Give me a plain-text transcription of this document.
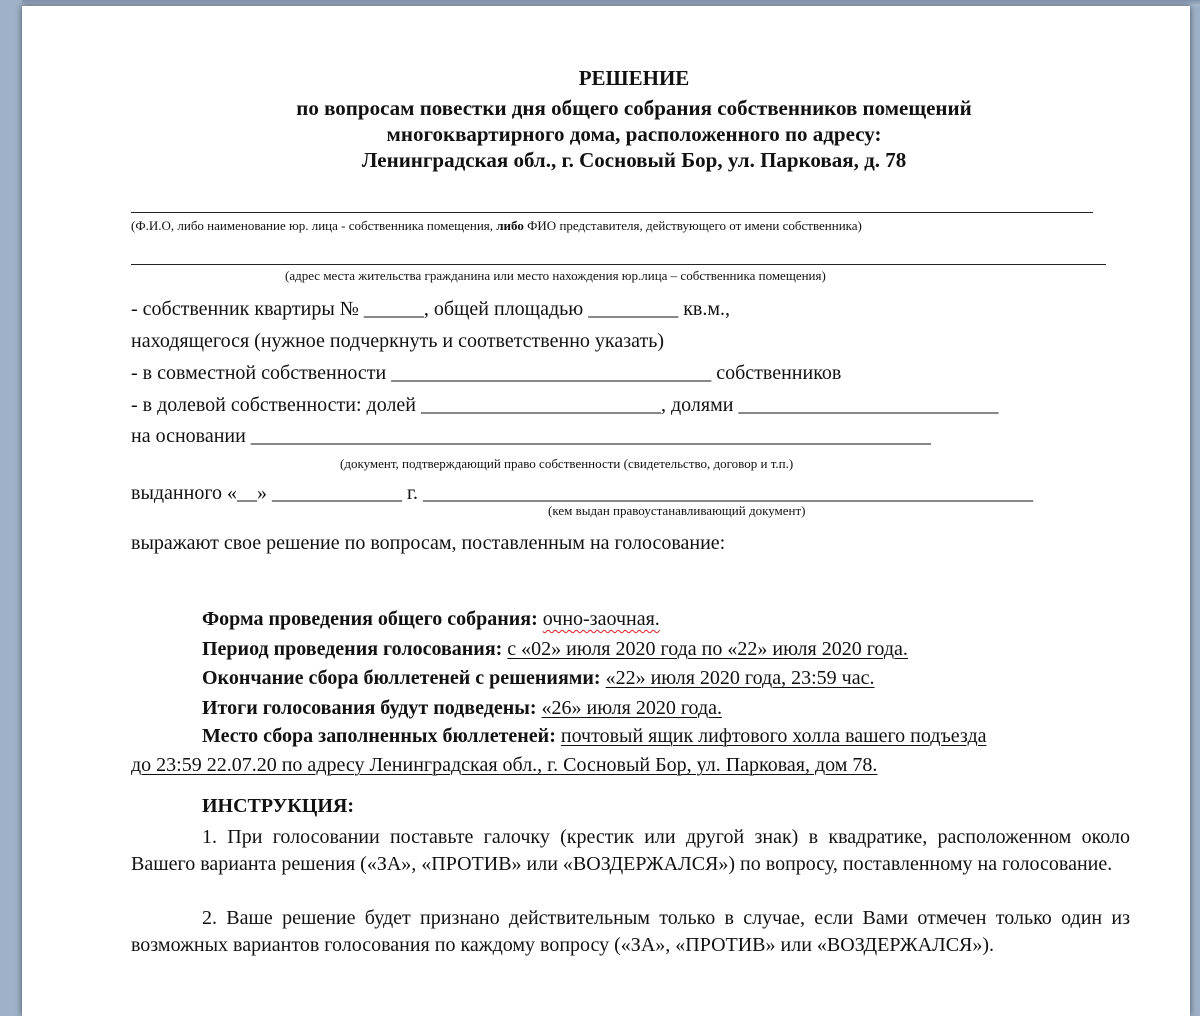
РЕШЕНИЕ
по вопросам повестки дня общего собрания собственников помещений
многоквартирного дома, расположенного по адресу:
Ленинградская обл., г. Сосновый Бор, ул. Парковая, д. 78
(Ф.И.О, либо наименование юр. лица - собственника помещения, либо ФИО представителя, действующего от имени собственника)
(адрес места жительства гражданина или место нахождения юр.лица – собственника помещения)
- собственник квартиры № ______, общей площадью _________ кв.м.,
находящегося (нужное подчеркнуть и соответственно указать)
- в совместной собственности ________________________________ собственников
- в долевой собственности: долей ________________________, долями __________________________
на основании ____________________________________________________________________
(документ, подтверждающий право собственности (свидетельство, договор и т.п.)
выданного «__» _____________ г. _____________________________________________________________
(кем выдан правоустанавливающий документ)
выражают свое решение по вопросам, поставленным на голосование:
Форма проведения общего собрания: очно-заочная.
Период проведения голосования: с «02» июля 2020 года по «22» июля 2020 года.
Окончание сбора бюллетеней с решениями: «22» июля 2020 года, 23:59 час.
Итоги голосования будут подведены: «26» июля 2020 года.
Место сбора заполненных бюллетеней: почтовый ящик лифтового холла вашего подъезда
до 23:59 22.07.20 по адресу Ленинградская обл., г. Сосновый Бор, ул. Парковая, дом 78.
ИНСТРУКЦИЯ:
1. При голосовании поставьте галочку (крестик или другой знак) в квадратике, расположенном около Вашего варианта решения («ЗА», «ПРОТИВ» или «ВОЗДЕРЖАЛСЯ») по вопросу, поставленному на голосование.
2. Ваше решение будет признано действительным только в случае, если Вами отмечен только один из возможных вариантов голосования по каждому вопросу («ЗА», «ПРОТИВ» или «ВОЗДЕРЖАЛСЯ»).
